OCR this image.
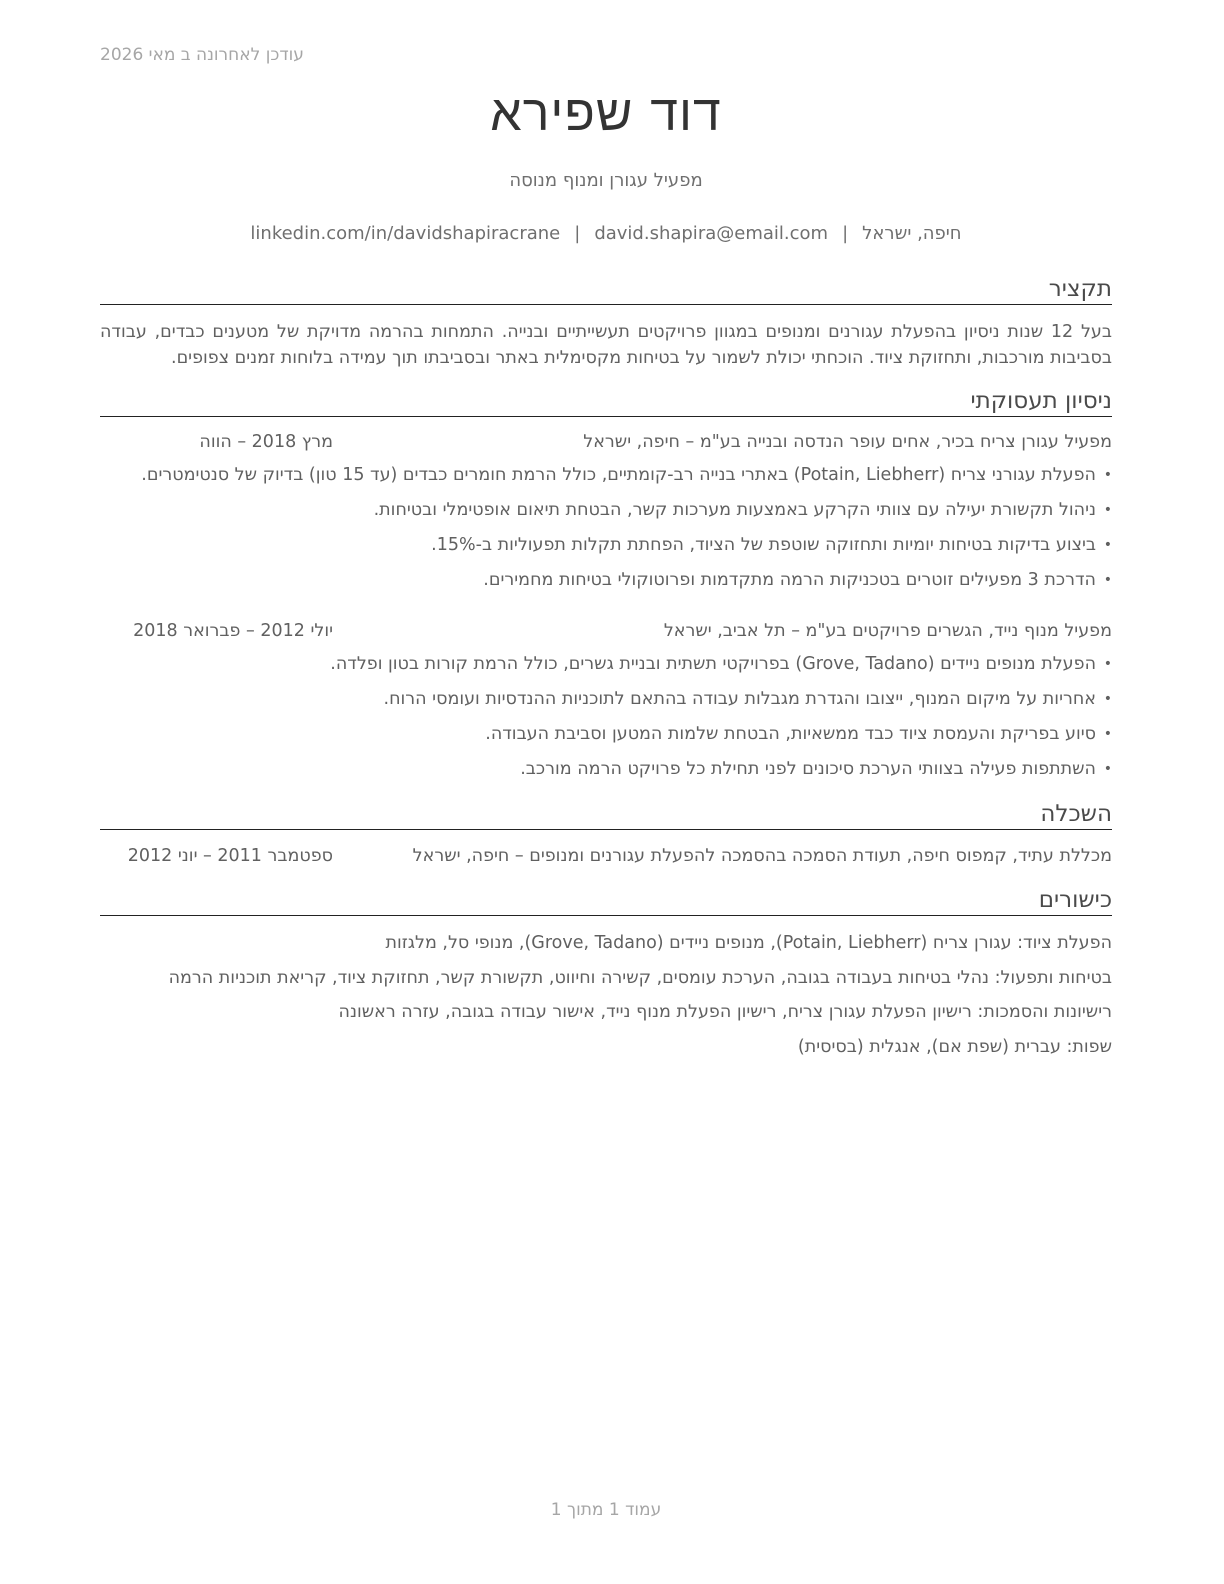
עודכן לאחרונה ב מאי 2026
דוד שפירא
מפעיל עגורן ומנוף מנוסה
חיפה, ישראל|david.shapira@email.com|linkedin.com/in/davidshapiracrane
תקציר
בעל 12 שנות ניסיון בהפעלת עגורנים ומנופים במגוון פרויקטים תעשייתיים ובנייה. התמחות בהרמה מדויקת של מטענים כבדים, עבודה בסביבות מורכבות, ותחזוקת ציוד. הוכחתי יכולת לשמור על בטיחות מקסימלית באתר ובסביבתו תוך עמידה בלוחות זמנים צפופים.
ניסיון תעסוקתי
מפעיל עגורן צריח בכיר, אחים עופר הנדסה ובנייה בע"מ – חיפה, ישראל
מרץ 2018 – הווה
• הפעלת עגורני צריח (Potain, Liebherr) באתרי בנייה רב-קומתיים, כולל הרמת חומרים כבדים (עד 15 טון) בדיוק של סנטימטרים.
• ניהול תקשורת יעילה עם צוותי הקרקע באמצעות מערכות קשר, הבטחת תיאום אופטימלי ובטיחות.
• ביצוע בדיקות בטיחות יומיות ותחזוקה שוטפת של הציוד, הפחתת תקלות תפעוליות ב-15%.
• הדרכת 3 מפעילים זוטרים בטכניקות הרמה מתקדמות ופרוטוקולי בטיחות מחמירים.
מפעיל מנוף נייד, הגשרים פרויקטים בע"מ – תל אביב, ישראל
יולי 2012 – פברואר 2018
• הפעלת מנופים ניידים (Grove, Tadano) בפרויקטי תשתית ובניית גשרים, כולל הרמת קורות בטון ופלדה.
• אחריות על מיקום המנוף, ייצובו והגדרת מגבלות עבודה בהתאם לתוכניות ההנדסיות ועומסי הרוח.
• סיוע בפריקת והעמסת ציוד כבד ממשאיות, הבטחת שלמות המטען וסביבת העבודה.
• השתתפות פעילה בצוותי הערכת סיכונים לפני תחילת כל פרויקט הרמה מורכב.
השכלה
מכללת עתיד, קמפוס חיפה, תעודת הסמכה בהסמכה להפעלת עגורנים ומנופים – חיפה, ישראל
ספטמבר 2011 – יוני 2012
כישורים
הפעלת ציוד: עגורן צריח (Potain, Liebherr), מנופים ניידים (Grove, Tadano), מנופי סל, מלגזות
בטיחות ותפעול: נהלי בטיחות בעבודה בגובה, הערכת עומסים, קשירה וחיווט, תקשורת קשר, תחזוקת ציוד, קריאת תוכניות הרמה
רישיונות והסמכות: רישיון הפעלת עגורן צריח, רישיון הפעלת מנוף נייד, אישור עבודה בגובה, עזרה ראשונה
שפות: עברית (שפת אם), אנגלית (בסיסית)
עמוד 1 מתוך 1
